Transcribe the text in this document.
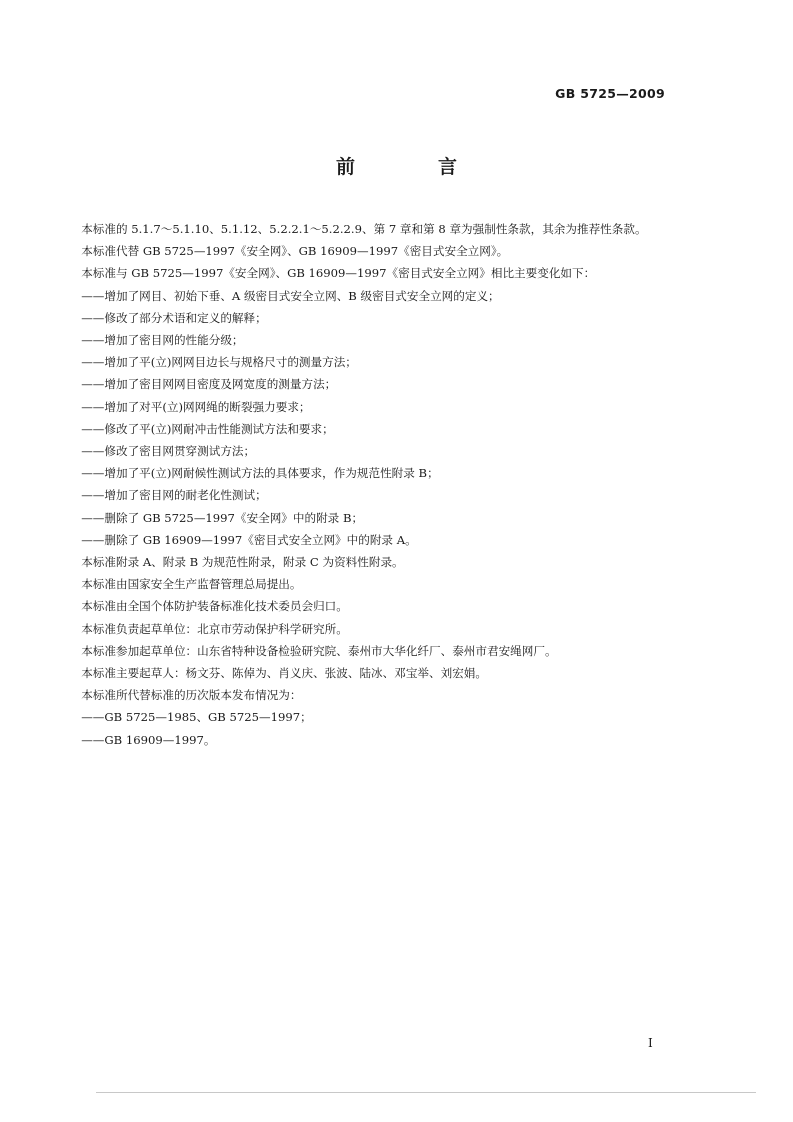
GB 5725—2009
前　言

本标准的 5.1.7～5.1.10、5.1.12、5.2.2.1～5.2.2.9、第 7 章和第 8 章为强制性条款，其余为推荐性条款。

本标准代替 GB 5725—1997《安全网》、GB 16909—1997《密目式安全立网》。

本标准与 GB 5725—1997《安全网》、GB 16909—1997《密目式安全立网》相比主要变化如下：

——增加了网目、初始下垂、A 级密目式安全立网、B 级密目式安全立网的定义；

——修改了部分术语和定义的解释；

——增加了密目网的性能分级；

——增加了平(立)网网目边长与规格尺寸的测量方法；

——增加了密目网网目密度及网宽度的测量方法；

——增加了对平(立)网网绳的断裂强力要求；

——修改了平(立)网耐冲击性能测试方法和要求；

——修改了密目网贯穿测试方法；

——增加了平(立)网耐候性测试方法的具体要求，作为规范性附录 B；

——增加了密目网的耐老化性测试；

——删除了 GB 5725—1997《安全网》中的附录 B；

——删除了 GB 16909—1997《密目式安全立网》中的附录 A。

本标准附录 A、附录 B 为规范性附录，附录 C 为资料性附录。

本标准由国家安全生产监督管理总局提出。

本标准由全国个体防护装备标准化技术委员会归口。

本标准负责起草单位：北京市劳动保护科学研究所。

本标准参加起草单位：山东省特种设备检验研究院、泰州市大华化纤厂、泰州市君安绳网厂。

本标准主要起草人：杨文芬、陈倬为、肖义庆、张波、陆冰、邓宝举、刘宏娟。

本标准所代替标准的历次版本发布情况为：

——GB 5725—1985、GB 5725—1997；

——GB 16909—1997。

I
